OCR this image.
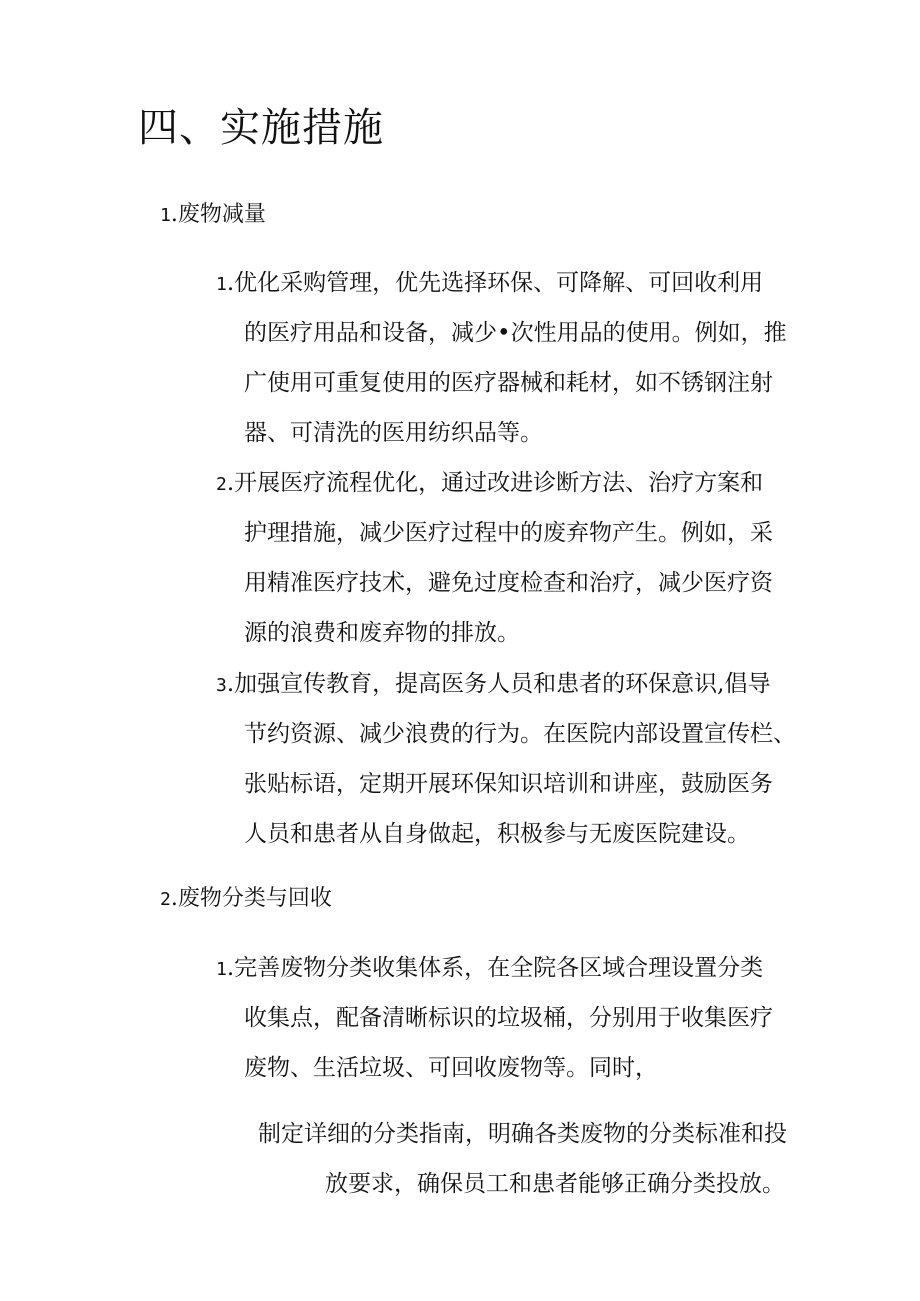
四、实施措施
1.废物减量
1.优化采购管理，优先选择环保、可降解、可回收利用
的医疗用品和设备，减少•次性用品的使用。例如，推
广使用可重复使用的医疗器械和耗材，如不锈钢注射
器、可清洗的医用纺织品等。
2.开展医疗流程优化，通过改进诊断方法、治疗方案和
护理措施，减少医疗过程中的废弃物产生。例如，采
用精准医疗技术，避免过度检查和治疗，减少医疗资
源的浪费和废弃物的排放。
3.加强宣传教育，提高医务人员和患者的环保意识,倡导
节约资源、减少浪费的行为。在医院内部设置宣传栏、
张贴标语，定期开展环保知识培训和讲座，鼓励医务
人员和患者从自身做起，积极参与无废医院建设。
2.废物分类与回收
1.完善废物分类收集体系，在全院各区域合理设置分类
收集点，配备清晰标识的垃圾桶，分别用于收集医疗
废物、生活垃圾、可回收废物等。同时，
制定详细的分类指南，明确各类废物的分类标准和投
放要求，确保员工和患者能够正确分类投放。
